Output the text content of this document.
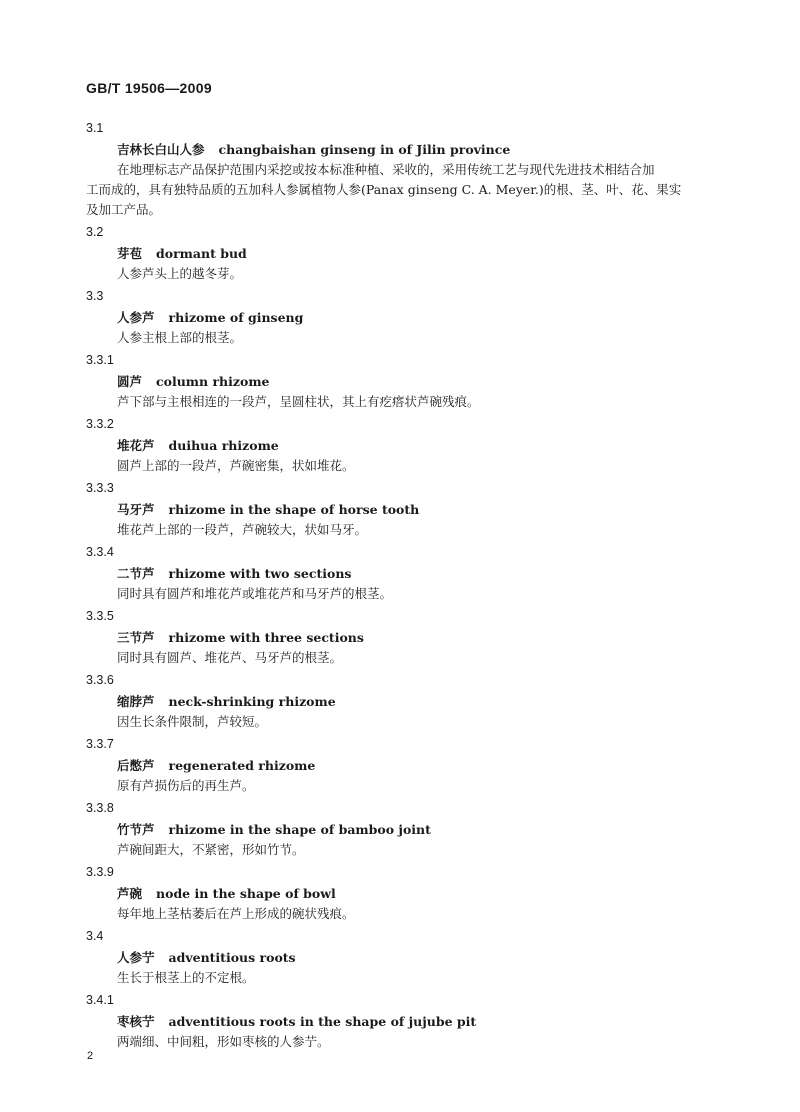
GB/T 19506—2009
3.1
吉林长白山人参 changbaishan ginseng in of Jilin province
在地理标志产品保护范围内采挖或按本标准种植、采收的，采用传统工艺与现代先进技术相结合加
工而成的，具有独特品质的五加科人参属植物人参(Panax ginseng C. A. Meyer.)的根、茎、叶、花、果实
及加工产品。
3.2
芽苞 dormant bud
人参芦头上的越冬芽。
3.3
人参芦 rhizome of ginseng
人参主根上部的根茎。
3.3.1
圆芦 column rhizome
芦下部与主根相连的一段芦，呈圆柱状，其上有疙瘩状芦碗残痕。
3.3.2
堆花芦 duihua rhizome
圆芦上部的一段芦，芦碗密集，状如堆花。
3.3.3
马牙芦 rhizome in the shape of horse tooth
堆花芦上部的一段芦，芦碗较大，状如马牙。
3.3.4
二节芦 rhizome with two sections
同时具有圆芦和堆花芦或堆花芦和马牙芦的根茎。
3.3.5
三节芦 rhizome with three sections
同时具有圆芦、堆花芦、马牙芦的根茎。
3.3.6
缩脖芦 neck-shrinking rhizome
因生长条件限制，芦较短。
3.3.7
后憋芦 regenerated rhizome
原有芦损伤后的再生芦。
3.3.8
竹节芦 rhizome in the shape of bamboo joint
芦碗间距大，不紧密，形如竹节。
3.3.9
芦碗 node in the shape of bowl
每年地上茎枯萎后在芦上形成的碗状残痕。
3.4
人参艼 adventitious roots
生长于根茎上的不定根。
3.4.1
枣核艼 adventitious roots in the shape of jujube pit
两端细、中间粗，形如枣核的人参艼。
2
